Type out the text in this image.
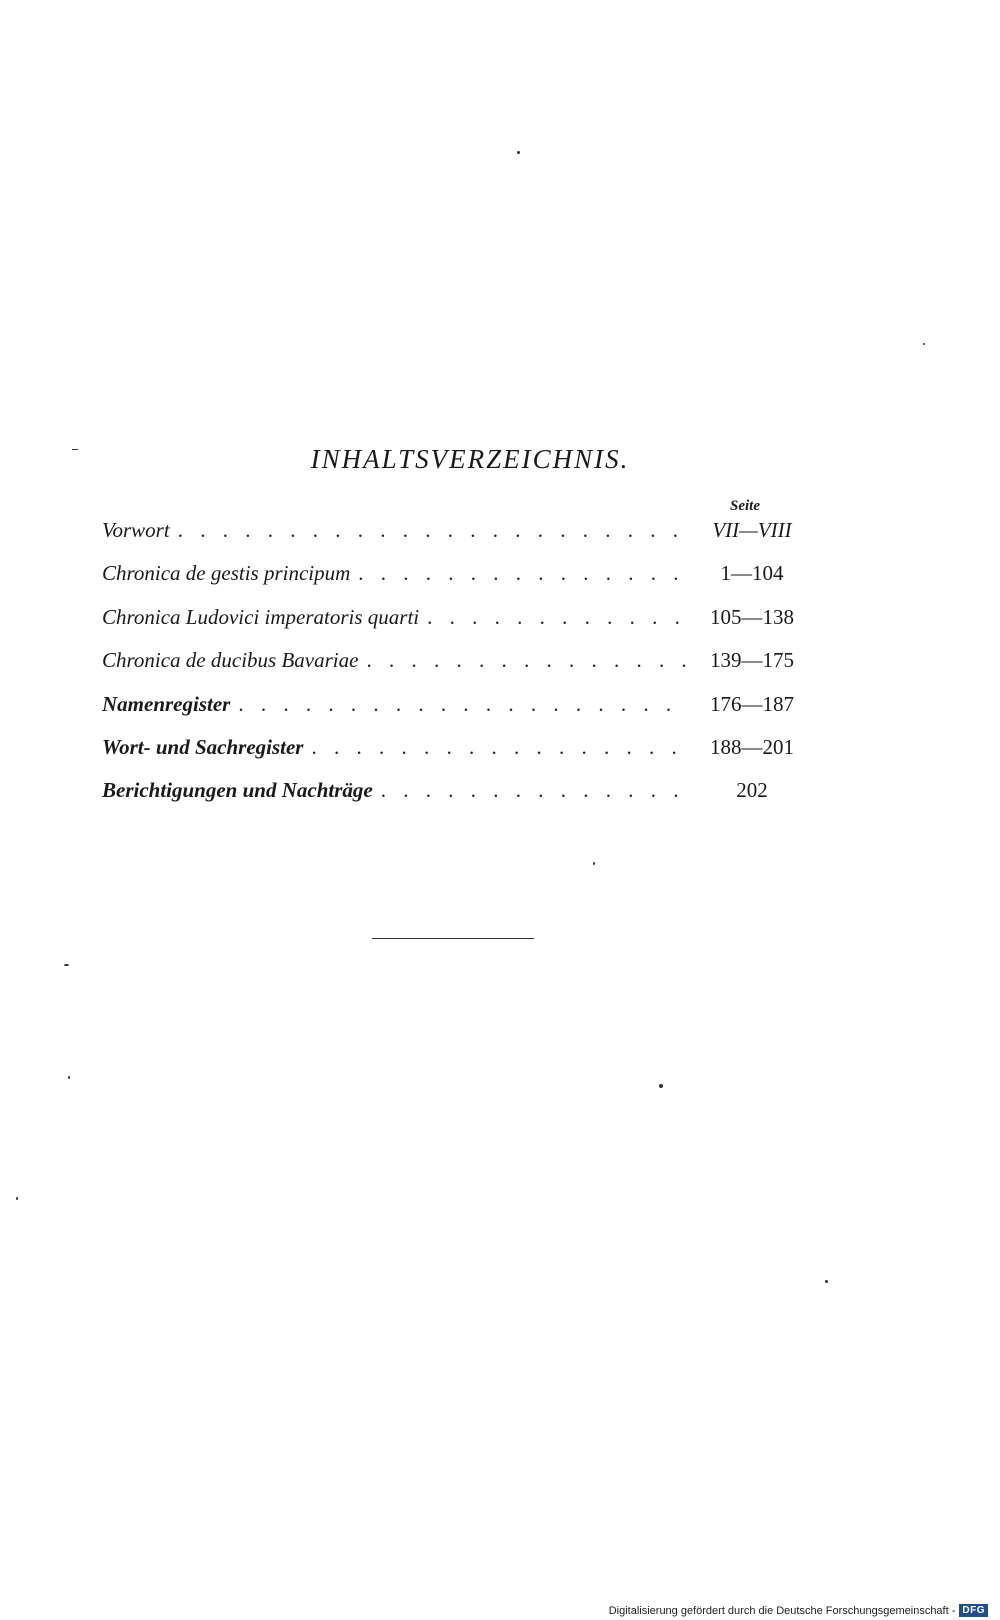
INHALTSVERZEICHNIS.
Seite
Vorwort . . .	VII—VIII
Chronica de gestis principum . . .	1—104
Chronica Ludovici imperatoris quarti . . .	105—138
Chronica de ducibus Bavariae . . .	139—175
Namenregister . . .	176—187
Wort- und Sachregister . . .	188—201
Berichtigungen und Nachträge . . .	202
Digitalisierung gefördert durch die Deutsche Forschungsgemeinschaft - DFG
